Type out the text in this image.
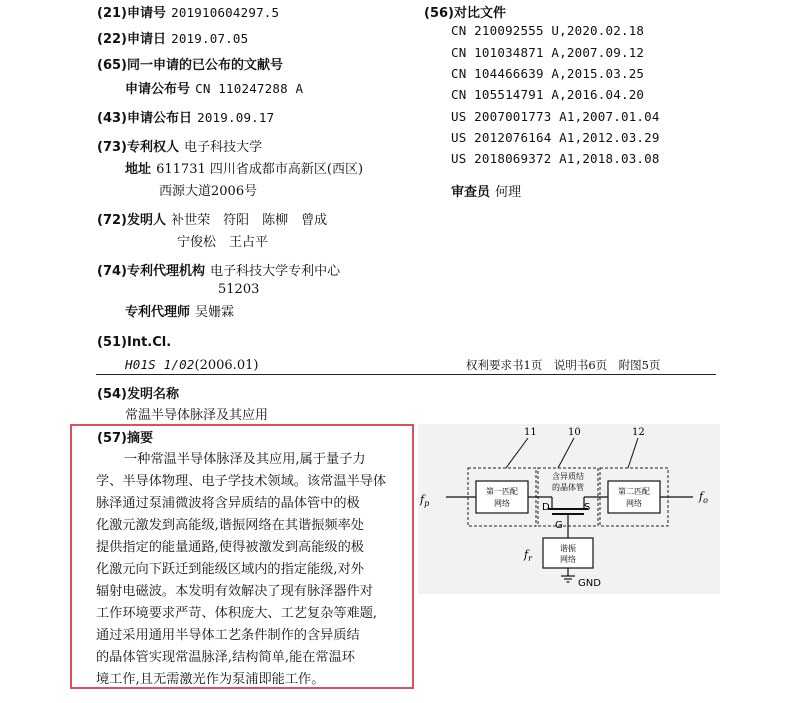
(21)申请号 201910604297.5
(22)申请日 2019.07.05
(65)同一申请的已公布的文献号
申请公布号 CN 110247288 A
(43)申请公布日 2019.09.17
(73)专利权人 电子科技大学
地址 611731 四川省成都市高新区(西区)
西源大道2006号
(72)发明人 补世荣　符阳　陈柳　曾成
宁俊松　王占平
(74)专利代理机构 电子科技大学专利中心
51203
专利代理师 吴姗霖
(51)Int.Cl.
H01S 1/02(2006.01)
(56)对比文件
CN 210092555 U,2020.02.18
CN 101034871 A,2007.09.12
CN 104466639 A,2015.03.25
CN 105514791 A,2016.04.20
US 2007001773 A1,2007.01.04
US 2012076164 A1,2012.03.29
US 2018069372 A1,2018.03.08
审查员 何理
权利要求书1页　说明书6页　附图5页
(54)发明名称
常温半导体脉泽及其应用
(57)摘要
一种常温半导体脉泽及其应用,属于量子力
学、半导体物理、电子学技术领域。该常温半导体
脉泽通过泵浦微波将含异质结的晶体管中的极
化激元激发到高能级,谐振网络在其谐振频率处
提供指定的能量通路,使得被激发到高能级的极
化激元向下跃迁到能级区域内的指定能级,对外
辐射电磁波。本发明有效解决了现有脉泽器件对
工作环境要求严苛、体积庞大、工艺复杂等难题,
通过采用通用半导体工艺条件制作的含异质结
的晶体管实现常温脉泽,结构简单,能在常温环
境工作,且无需激光作为泵浦即能工作。
第一匹配
网络
第二匹配
网络
含异质结
的晶体管
谐振
网络
11	10	12
D	S
G
$f_p$
$f_o$
$f_r$
GND
